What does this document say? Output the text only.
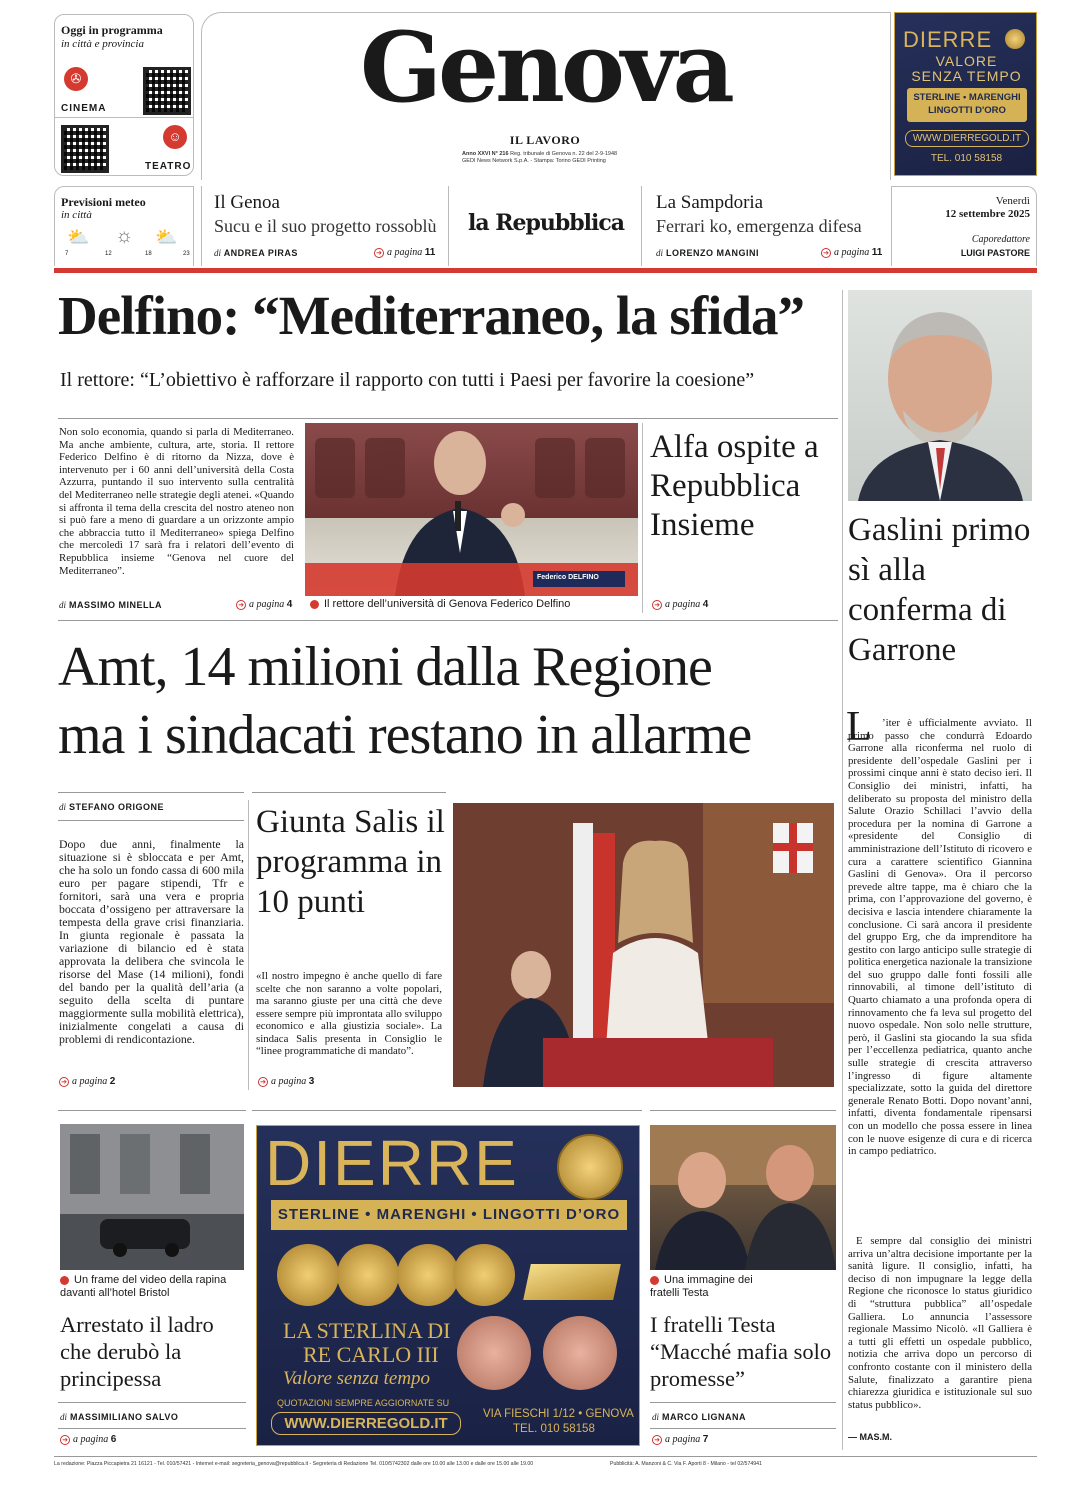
Oggi in programma
in città e provincia
✇
CINEMA
☺
TEATRO
Genova
IL LAVORO
Anno XXVI N° 216 Reg. tribunale di Genova n. 22 del 2-9-1948
GEDI News Network S.p.A. - Stampa: Torino GEDI Printing
DIERRE
VALORE
SENZA TEMPO
STERLINE • MARENGHI
LINGOTTI D'ORO
WWW.DIERREGOLD.IT
TEL. 010 58158
Previsioni meteo
in città
⛅ ☼ ⛅
7	12	18	23
Il Genoa
Sucu e il suo progetto rossoblù
di ANDREA PIRAS	➔ a pagina 11
la Repubblica
La Sampdoria
Ferrari ko, emergenza difesa
di LORENZO MANGINI	➔ a pagina 11
Venerdì
12 settembre 2025
Caporedattore
LUIGI PASTORE
Delfino: “Mediterraneo, la sfida”
Il rettore: “L’obiettivo è rafforzare il rapporto con tutti i Paesi per favorire la coesione”
Non solo economia, quando si parla di Mediterraneo. Ma anche ambiente, cultura, arte, storia. Il rettore Federico Delfino è di ritorno da Nizza, dove è intervenuto per i 60 anni dell’università della Costa Azzurra, puntando il suo intervento sulla centralità del Mediterraneo nelle strategie degli atenei. «Quando si affronta il tema della crescita del nostro ateneo non si può fare a meno di guardare a un orizzonte ampio che abbraccia tutto il Mediterraneo» spiega Delfino che mercoledì 17 sarà fra i relatori dell’evento di Repubblica insieme “Genova nel cuore del Mediterraneo”.
di MASSIMO MINELLA	➔ a pagina 4
Federico DELFINO
Il rettore dell’università di Genova Federico Delfino
Alfa ospite a Repubblica Insieme
➔ a pagina 4
Gaslini primo sì alla conferma di Garrone
L ’iter è ufficialmente avviato. Il primo passo che condurrà Edoardo Garrone alla riconferma nel ruolo di presidente dell’ospedale Gaslini per i prossimi cinque anni è stato deciso ieri. Il Consiglio dei ministri, infatti, ha deliberato su proposta del ministro della Salute Orazio Schillaci l’avvio della procedura per la nomina di Garrone a «presidente del Consiglio di amministrazione dell’Istituto di ricovero e cura a carattere scientifico Giannina Gaslini di Genova». Ora il percorso prevede altre tappe, ma è chiaro che la prima, con l’approvazione del governo, è decisiva e lascia intendere chiaramente la conclusione. Ci sarà ancora il presidente del gruppo Erg, che da imprenditore ha gestito con largo anticipo sulle strategie di politica energetica nazionale la transizione del suo gruppo dalle fonti fossili alle rinnovabili, al timone dell’istituto di Quarto chiamato a una profonda opera di rinnovamento che fa leva sul progetto del nuovo ospedale. Non solo nelle strutture, però, il Gaslini sta giocando la sua sfida per l’eccellenza pediatrica, quanto anche sulle strategie di crescita attraverso l’ingresso di figure altamente specializzate, sotto la guida del direttore generale Renato Botti. Dopo novant’anni, infatti, diventa fondamentale ripensarsi con un modello che possa essere in linea con le nuove esigenze di cura e di ricerca in campo pediatrico.
E sempre dal consiglio dei ministri arriva un’altra decisione importante per la sanità ligure. Il consiglio, infatti, ha deciso di non impugnare la legge della Regione che riconosce lo status giuridico di “struttura pubblica” all’ospedale Galliera. Lo annuncia l’assessore regionale Massimo Nicolò. «Il Galliera è a tutti gli effetti un ospedale pubblico, notizia che arriva dopo un percorso di confronto costante con il ministero della Salute, finalizzato a garantire piena chiarezza giuridica e istituzionale sul suo status pubblico».
— MAS.M.
Amt, 14 milioni dalla Regione
ma i sindacati restano in allarme
di STEFANO ORIGONE
Dopo due anni, finalmente la situazione si è sbloccata e per Amt, che ha solo un fondo cassa di 600 mila euro per pagare stipendi, Tfr e fornitori, sarà una vera e propria boccata d’ossigeno per attraversare la tempesta della grave crisi finanziaria. In giunta regionale è passata la variazione di bilancio ed è stata approvata la delibera che svincola le risorse del Mase (14 milioni), fondi del bando per la qualità dell’aria (a seguito della scelta di puntare maggiormente sulla mobilità elettrica), inizialmente congelati a causa di problemi di rendicontazione.
➔ a pagina 2
Giunta Salis il programma in 10 punti
«Il nostro impegno è anche quello di fare scelte che non saranno a volte popolari, ma saranno giuste per una città che deve essere sempre più improntata allo sviluppo economico e alla giustizia sociale». La sindaca Salis presenta in Consiglio le “linee programmatiche di mandato”.
➔ a pagina 3
Un frame del video della rapina davanti all’hotel Bristol
Arrestato il ladro che derubò la principessa
di MASSIMILIANO SALVO
➔ a pagina 6
DIERRE
STERLINE • MARENGHI • LINGOTTI D’ORO
LA STERLINA DI
RE CARLO III
Valore senza tempo
QUOTAZIONI SEMPRE AGGIORNATE SU
WWW.DIERREGOLD.IT
VIA FIESCHI 1/12 • GENOVA
TEL. 010 58158
Una immagine dei fratelli Testa
I fratelli Testa “Macché mafia solo promesse”
di MARCO LIGNANA
➔ a pagina 7
La redazione: Piazza Piccapietra 21 16121 - Tel. 010/57421 - Internet e-mail: segreteria_genova@repubblica.it - Segreteria di Redazione Tel. 010/5742302 dalle ore 10.00 alle 13.00 e dalle ore 15.00 alle 19.00	Pubblicità: A. Manzoni & C. Via F. Aporti 8 - Milano - tel 02/574941
